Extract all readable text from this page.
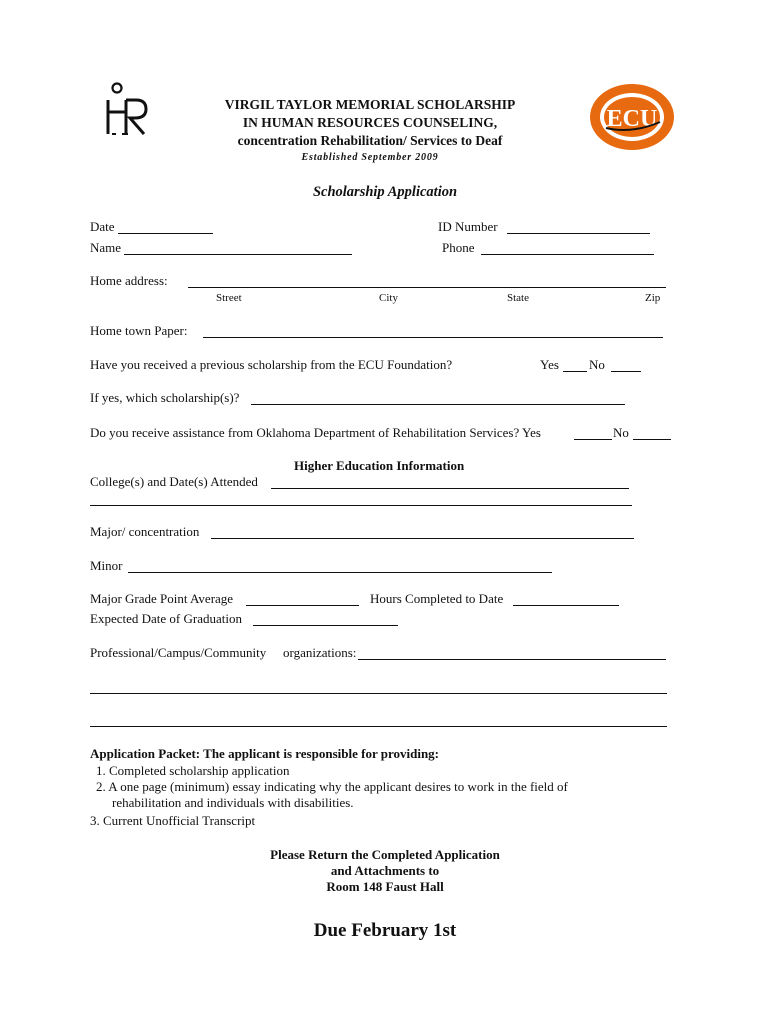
VIRGIL TAYLOR MEMORIAL SCHOLARSHIP
IN HUMAN RESOURCES COUNSELING,
concentration Rehabilitation/ Services to Deaf
Established September 2009
ECU
Scholarship Application
Date	ID Number
Name	Phone
Home address:
Street	City	State	Zip
Home town Paper:
Have you received a previous scholarship from the ECU Foundation?	Yes No
If yes, which scholarship(s)?
Do you receive assistance from Oklahoma Department of Rehabilitation Services? Yes	No
Higher Education Information
College(s) and Date(s) Attended
Major/ concentration
Minor
Major Grade Point Average	Hours Completed to Date
Expected Date of Graduation
Professional/Campus/Community organizations:
Application Packet: The applicant is responsible for providing:
1. Completed scholarship application
2. A one page (minimum) essay indicating why the applicant desires to work in the field of
rehabilitation and individuals with disabilities.
3. Current Unofficial Transcript
Please Return the Completed Application
and Attachments to
Room 148 Faust Hall
Due February 1st
